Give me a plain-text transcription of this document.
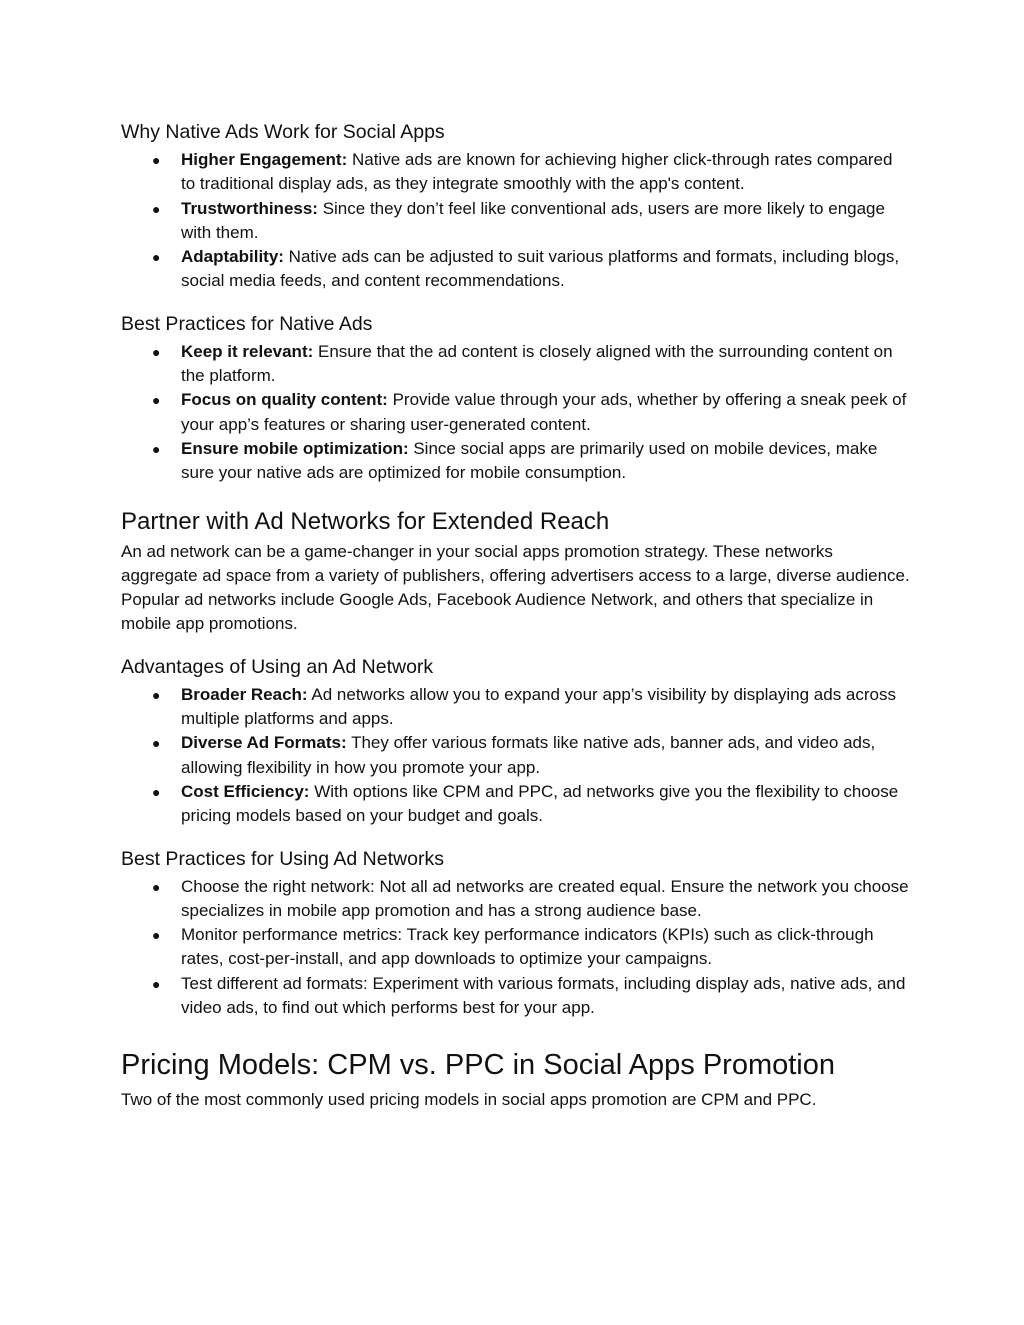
Why Native Ads Work for Social Apps
● Higher Engagement: Native ads are known for achieving higher click-through rates compared to traditional display ads, as they integrate smoothly with the app's content.
● Trustworthiness: Since they don’t feel like conventional ads, users are more likely to engage with them.
● Adaptability: Native ads can be adjusted to suit various platforms and formats, including blogs, social media feeds, and content recommendations.
Best Practices for Native Ads
● Keep it relevant: Ensure that the ad content is closely aligned with the surrounding content on the platform.
● Focus on quality content: Provide value through your ads, whether by offering a sneak peek of your app’s features or sharing user-generated content.
● Ensure mobile optimization: Since social apps are primarily used on mobile devices, make sure your native ads are optimized for mobile consumption.
Partner with Ad Networks for Extended Reach

An ad network can be a game-changer in your social apps promotion strategy. These networks aggregate ad space from a variety of publishers, offering advertisers access to a large, diverse audience. Popular ad networks include Google Ads, Facebook Audience Network, and others that specialize in mobile app promotions.

Advantages of Using an Ad Network
● Broader Reach: Ad networks allow you to expand your app’s visibility by displaying ads across multiple platforms and apps.
● Diverse Ad Formats: They offer various formats like native ads, banner ads, and video ads, allowing flexibility in how you promote your app.
● Cost Efficiency: With options like CPM and PPC, ad networks give you the flexibility to choose pricing models based on your budget and goals.
Best Practices for Using Ad Networks
● Choose the right network: Not all ad networks are created equal. Ensure the network you choose specializes in mobile app promotion and has a strong audience base.
● Monitor performance metrics: Track key performance indicators (KPIs) such as click-through rates, cost-per-install, and app downloads to optimize your campaigns.
● Test different ad formats: Experiment with various formats, including display ads, native ads, and video ads, to find out which performs best for your app.
Pricing Models: CPM vs. PPC in Social Apps Promotion

Two of the most commonly used pricing models in social apps promotion are CPM and PPC.
